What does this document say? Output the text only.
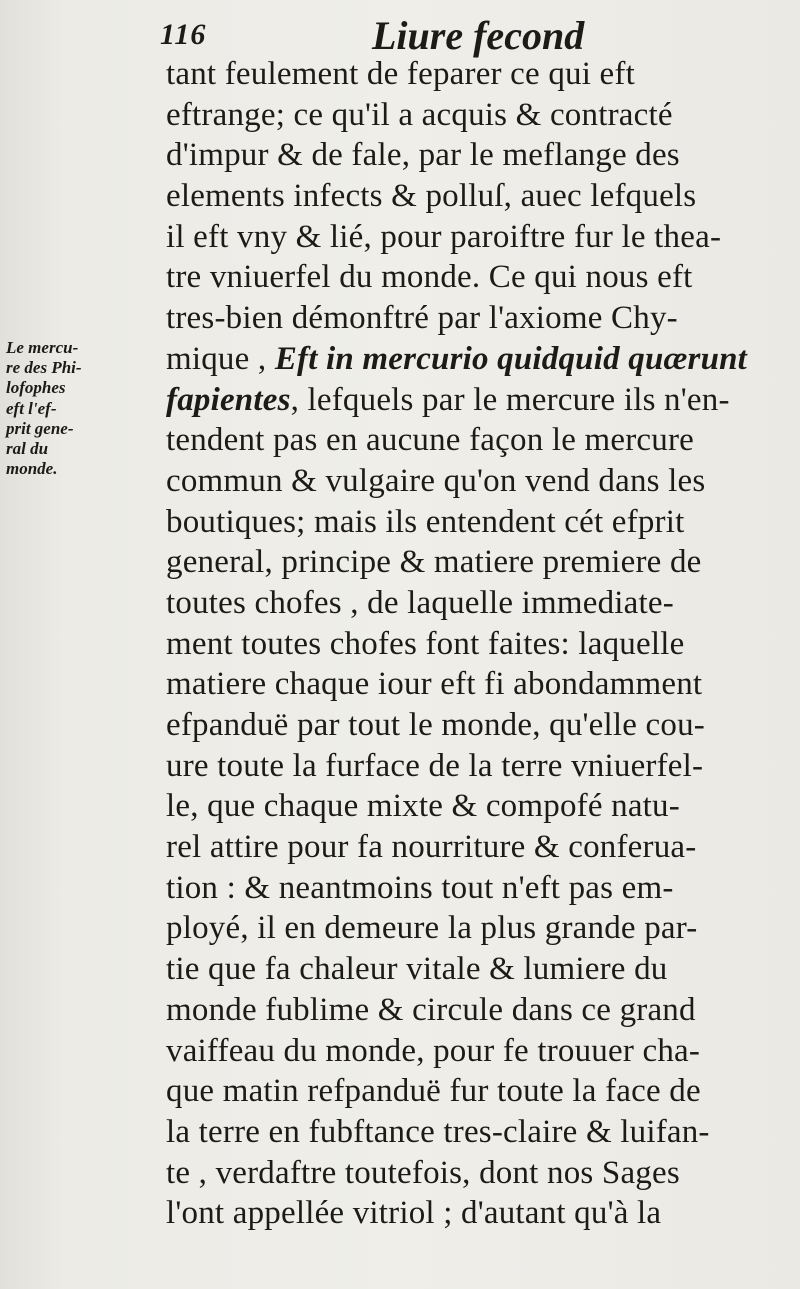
116	Liure fecond
Le mercu-
re des Phi-
lofophes
eft l'ef-
prit gene-
ral du
monde.
tant feulement de feparer ce qui eft
eftrange; ce qu'il a acquis & contracté
d'impur & de fale, par le meflange des
elements infects & polluſ, auec lefquels
il eft vny & lié, pour paroiftre fur le thea-
tre vniuerfel du monde. Ce qui nous eft
tres-bien démonftré par l'axiome Chy-
mique , Eft in mercurio quidquid quærunt
fapientes, lefquels par le mercure ils n'en-
tendent pas en aucune façon le mercure
commun & vulgaire qu'on vend dans les
boutiques; mais ils entendent cét efprit
general, principe & matiere premiere de
toutes chofes , de laquelle immediate-
ment toutes chofes font faites: laquelle
matiere chaque iour eft fi abondamment
efpanduë par tout le monde, qu'elle cou-
ure toute la furface de la terre vniuerfel-
le, que chaque mixte & compofé natu-
rel attire pour fa nourriture & conferua-
tion : & neantmoins tout n'eft pas em-
ployé, il en demeure la plus grande par-
tie que fa chaleur vitale & lumiere du
monde fublime & circule dans ce grand
vaiffeau du monde, pour fe trouuer cha-
que matin refpanduë fur toute la face de
la terre en fubftance tres-claire & luifan-
te , verdaftre toutefois, dont nos Sages
l'ont appellée vitriol ; d'autant qu'à la
